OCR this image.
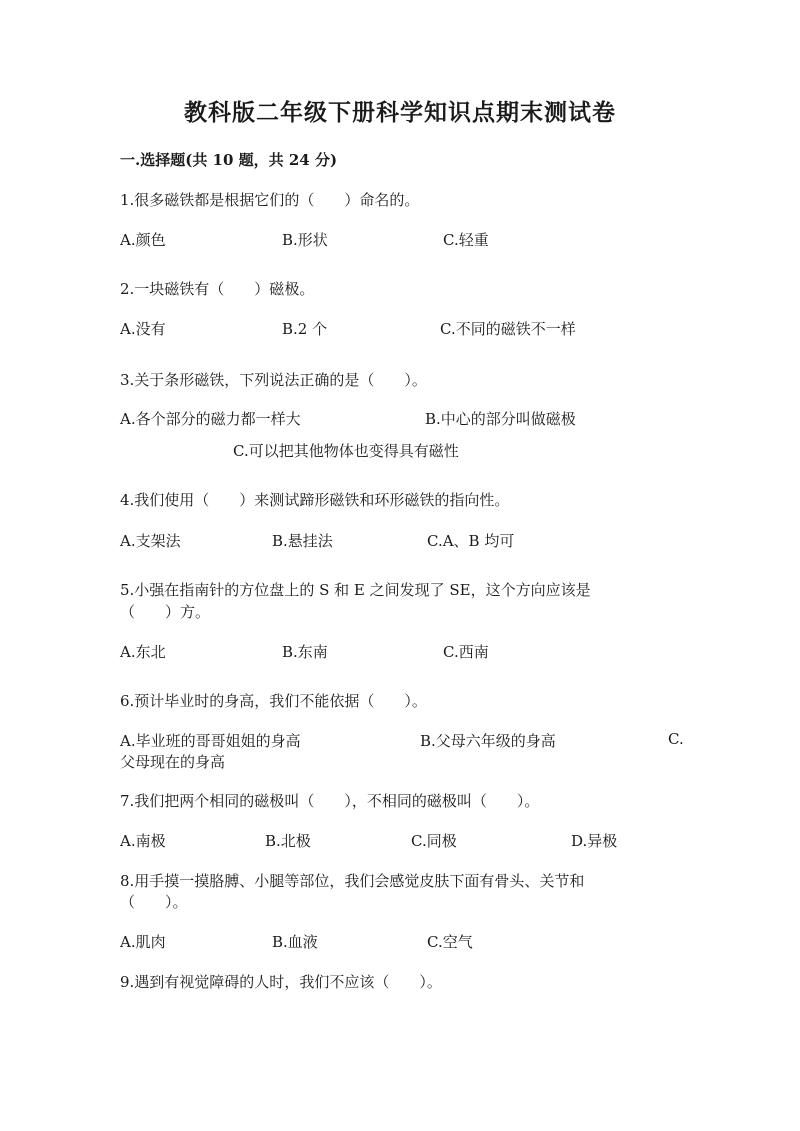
教科版二年级下册科学知识点期末测试卷
一.选择题(共 10 题，共 24 分)
1.很多磁铁都是根据它们的（　　）命名的。
A.颜色	B.形状	C.轻重
2.一块磁铁有（　　）磁极。
A.没有	B.2 个	C.不同的磁铁不一样
3.关于条形磁铁，下列说法正确的是（　　）。
A.各个部分的磁力都一样大	B.中心的部分叫做磁极
C.可以把其他物体也变得具有磁性
4.我们使用（　　）来测试蹄形磁铁和环形磁铁的指向性。
A.支架法	B.悬挂法	C.A、B 均可
5.小强在指南针的方位盘上的 S 和 E 之间发现了 SE，这个方向应该是
（　　）方。
A.东北	B.东南	C.西南
6.预计毕业时的身高，我们不能依据（　　）。
A.毕业班的哥哥姐姐的身高	B.父母六年级的身高	C.
父母现在的身高
7.我们把两个相同的磁极叫（　　），不相同的磁极叫（　　）。
A.南极	B.北极	C.同极	D.异极
8.用手摸一摸胳膊、小腿等部位，我们会感觉皮肤下面有骨头、关节和
（　　）。
A.肌肉	B.血液	C.空气
9.遇到有视觉障碍的人时，我们不应该（　　）。
